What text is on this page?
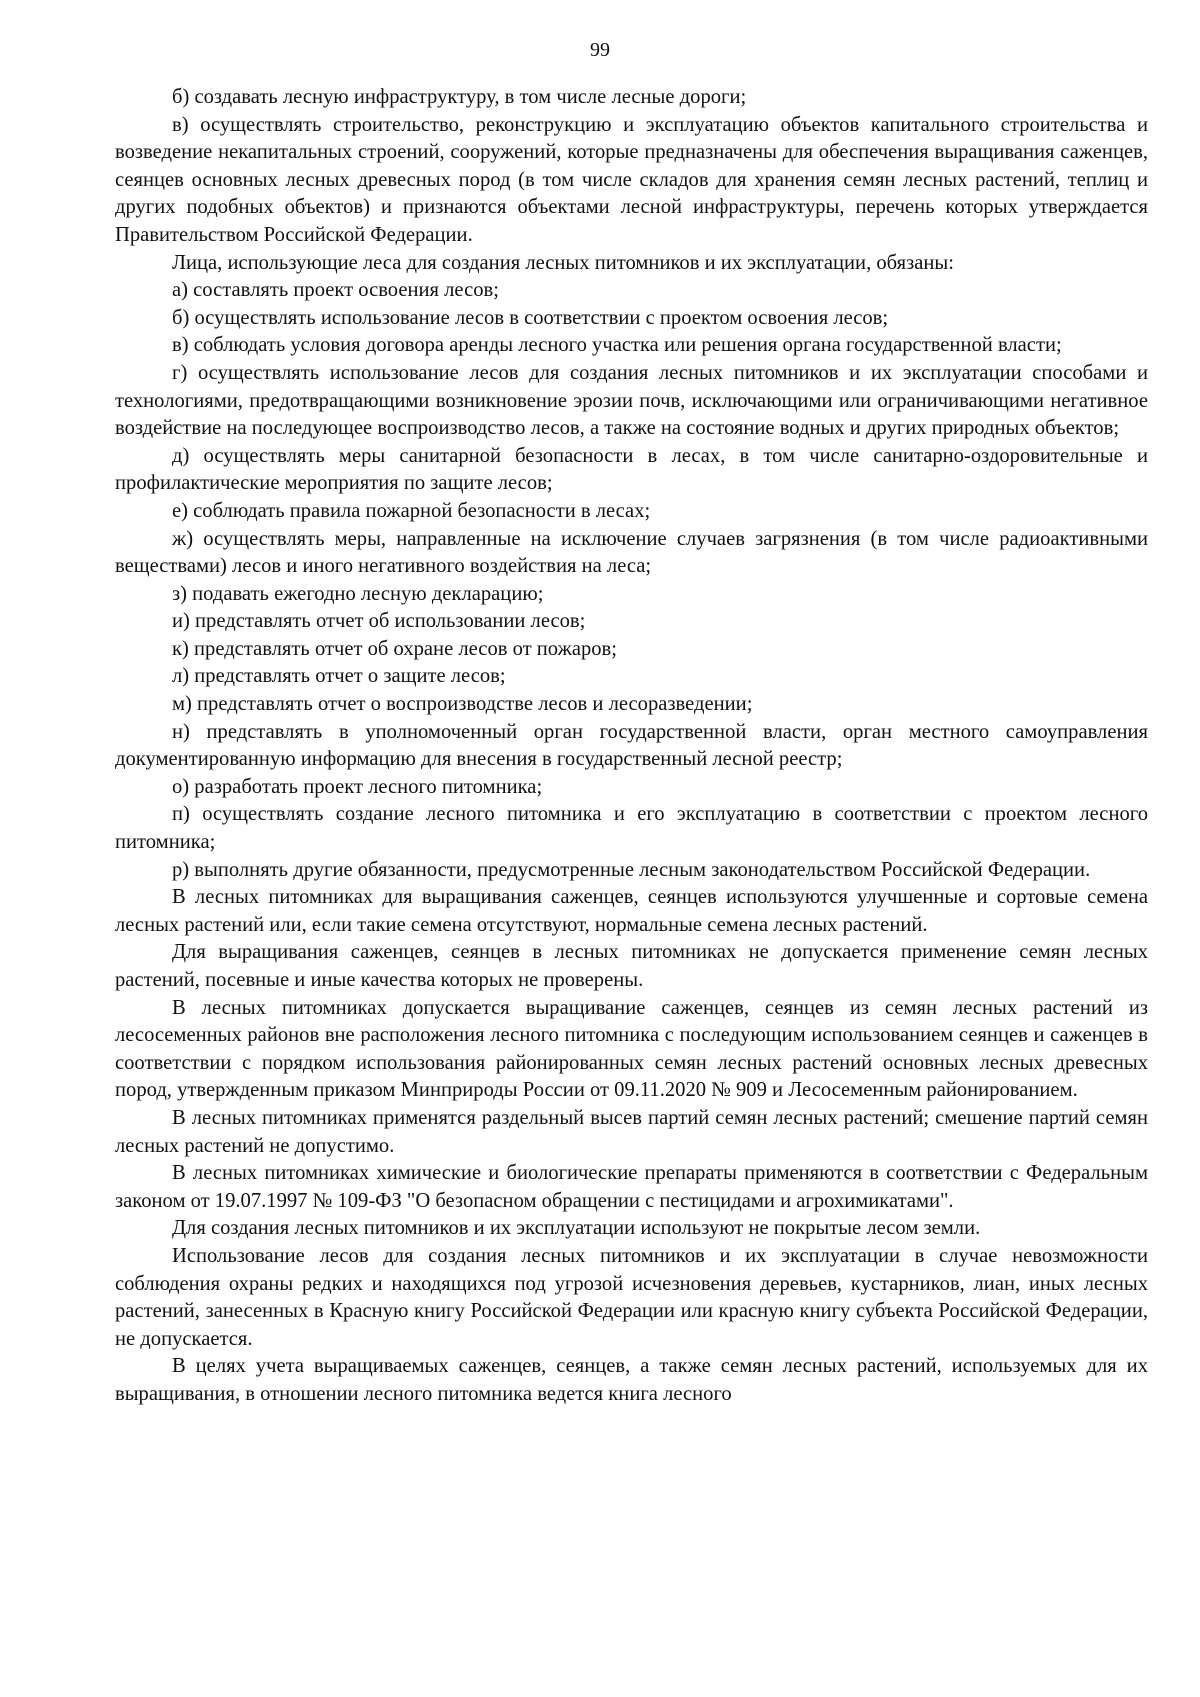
99

б) создавать лесную инфраструктуру, в том числе лесные дороги;

в) осуществлять строительство, реконструкцию и эксплуатацию объектов капитального строительства и возведение некапитальных строений, сооружений, которые предназначены для обеспечения выращивания саженцев, сеянцев основных лесных древесных пород (в том числе складов для хранения семян лесных растений, теплиц и других подобных объектов) и признаются объектами лесной инфраструктуры, перечень которых утверждается Правительством Российской Федерации.

Лица, использующие леса для создания лесных питомников и их эксплуатации, обязаны:

а) составлять проект освоения лесов;

б) осуществлять использование лесов в соответствии с проектом освоения лесов;

в) соблюдать условия договора аренды лесного участка или решения органа государственной власти;

г) осуществлять использование лесов для создания лесных питомников и их эксплуатации способами и технологиями, предотвращающими возникновение эрозии почв, исключающими или ограничивающими негативное воздействие на последующее воспроизводство лесов, а также на состояние водных и других природных объектов;

д) осуществлять меры санитарной безопасности в лесах, в том числе санитарно-оздоровительные и профилактические мероприятия по защите лесов;

е) соблюдать правила пожарной безопасности в лесах;

ж) осуществлять меры, направленные на исключение случаев загрязнения (в том числе радиоактивными веществами) лесов и иного негативного воздействия на леса;

з) подавать ежегодно лесную декларацию;

и) представлять отчет об использовании лесов;

к) представлять отчет об охране лесов от пожаров;

л) представлять отчет о защите лесов;

м) представлять отчет о воспроизводстве лесов и лесоразведении;

н) представлять в уполномоченный орган государственной власти, орган местного самоуправления документированную информацию для внесения в государственный лесной реестр;

о) разработать проект лесного питомника;

п) осуществлять создание лесного питомника и его эксплуатацию в соответствии с проектом лесного питомника;

р) выполнять другие обязанности, предусмотренные лесным законодательством Российской Федерации.

В лесных питомниках для выращивания саженцев, сеянцев используются улучшенные и сортовые семена лесных растений или, если такие семена отсутствуют, нормальные семена лесных растений.

Для выращивания саженцев, сеянцев в лесных питомниках не допускается применение семян лесных растений, посевные и иные качества которых не проверены.

В лесных питомниках допускается выращивание саженцев, сеянцев из семян лесных растений из лесосеменных районов вне расположения лесного питомника с последующим использованием сеянцев и саженцев в соответствии с порядком использования районированных семян лесных растений основных лесных древесных пород, утвержденным приказом Минприроды России от 09.11.2020 № 909 и Лесосеменным районированием.

В лесных питомниках применятся раздельный высев партий семян лесных растений; смешение партий семян лесных растений не допустимо.

В лесных питомниках химические и биологические препараты применяются в соответствии с Федеральным законом от 19.07.1997 № 109-ФЗ "О безопасном обращении с пестицидами и агрохимикатами".

Для создания лесных питомников и их эксплуатации используют не покрытые лесом земли.

Использование лесов для создания лесных питомников и их эксплуатации в случае невозможности соблюдения охраны редких и находящихся под угрозой исчезновения деревьев, кустарников, лиан, иных лесных растений, занесенных в Красную книгу Российской Федерации или красную книгу субъекта Российской Федерации, не допускается.

В целях учета выращиваемых саженцев, сеянцев, а также семян лесных растений, используемых для их выращивания, в отношении лесного питомника ведется книга лесного
